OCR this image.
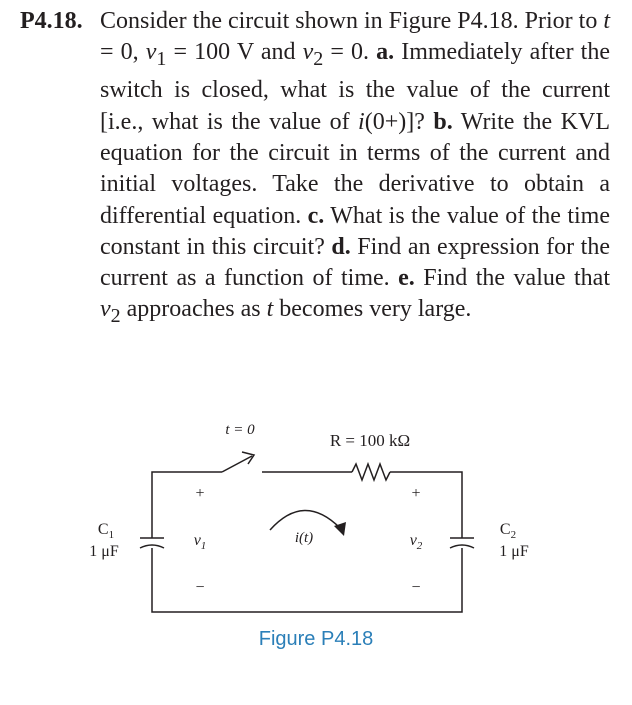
P4.18. Consider the circuit shown in Figure P4.18. Prior to t = 0, $v_1 = 100$ V and $v_2 = 0$. a. Immediately after the switch is closed, what is the value of the current [i.e., what is the value of i(0+)]? b. Write the KVL equation for the circuit in terms of the current and initial voltages. Take the derivative to obtain a differential equation. c. What is the value of the time constant in this circuit? d. Find an expression for the current as a function of time. e. Find the value that $v_2$ approaches as t becomes very large.
t = 0
R = 100 kΩ
$C_1$
1 μF
$C_2$
1 μF
+
$v_1$
−
+
$v_2$
−
i(t)
Figure P4.18
